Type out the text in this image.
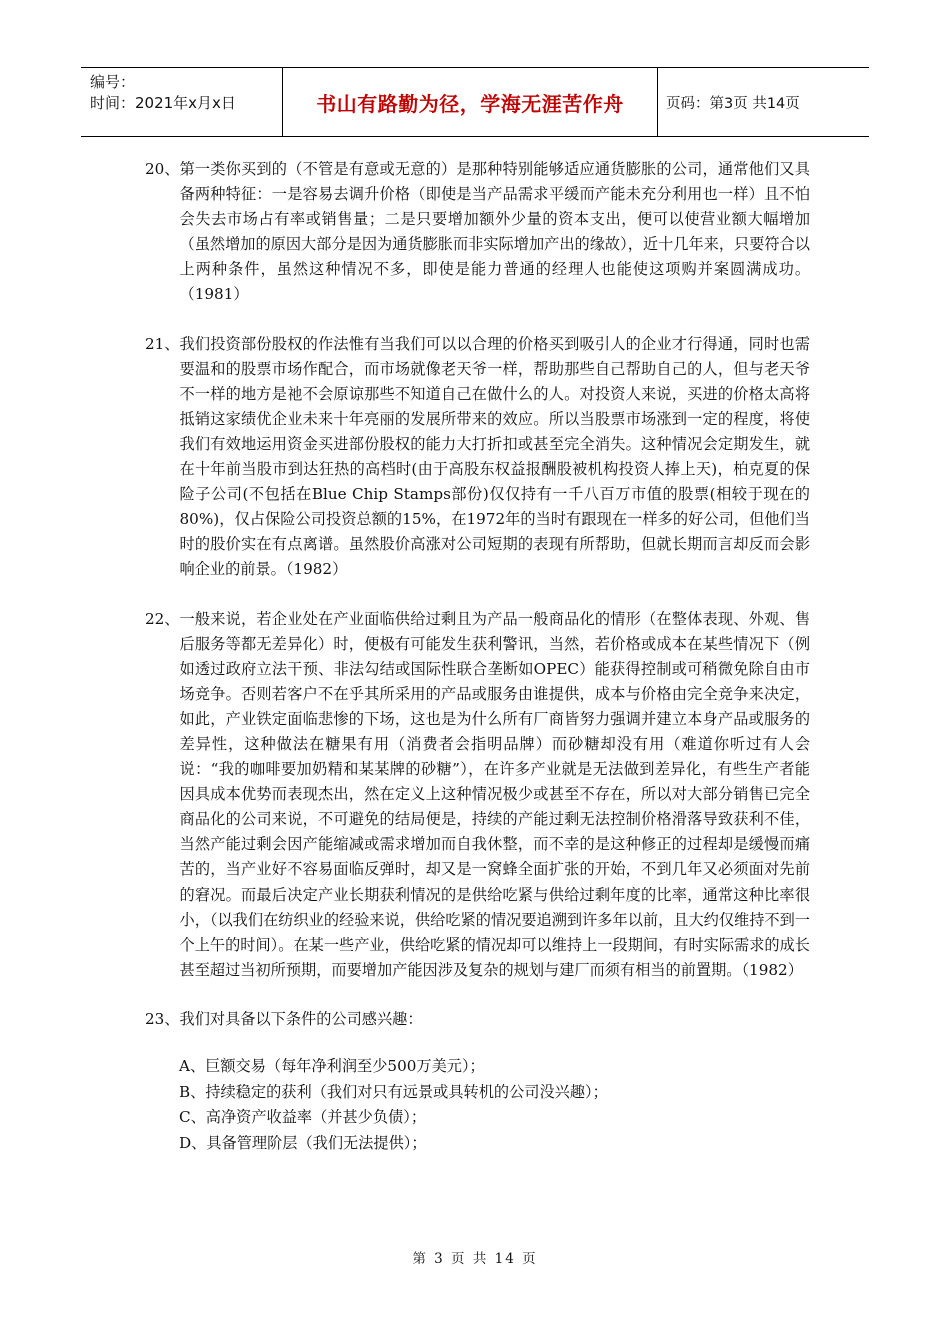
编号：
时间：2021年x月x日	书山有路勤为径，学海无涯苦作舟	页码：第3页 共14页
20、 第一类你买到的（不管是有意或无意的）是那种特别能够适应通货膨胀的公司，通常他们又具备两种特征：一是容易去调升价格（即使是当产品需求平缓而产能未充分利用也一样）且不怕会失去市场占有率或销售量；二是只要增加额外少量的资本支出，便可以使营业额大幅增加（虽然增加的原因大部分是因为通货膨胀而非实际增加产出的缘故），近十几年来，只要符合以上两种条件，虽然这种情况不多，即使是能力普通的经理人也能使这项购并案圆满成功。（1981）
21、 我们投资部份股权的作法惟有当我们可以以合理的价格买到吸引人的企业才行得通，同时也需要温和的股票市场作配合，而市场就像老天爷一样，帮助那些自己帮助自己的人，但与老天爷不一样的地方是祂不会原谅那些不知道自己在做什么的人。对投资人来说，买进的价格太高将抵销这家绩优企业未来十年亮丽的发展所带来的效应。所以当股票市场涨到一定的程度，将使我们有效地运用资金买进部份股权的能力大打折扣或甚至完全消失。这种情况会定期发生，就在十年前当股市到达狂热的高档时(由于高股东权益报酬股被机构投资人捧上天)，柏克夏的保险子公司(不包括在Blue Chip Stamps部份)仅仅持有一千八百万市值的股票(相较于现在的80%)，仅占保险公司投资总额的15%，在1972年的当时有跟现在一样多的好公司，但他们当时的股价实在有点离谱。虽然股价高涨对公司短期的表现有所帮助，但就长期而言却反而会影响企业的前景。（1982）
22、 一般来说，若企业处在产业面临供给过剩且为产品一般商品化的情形（在整体表现、外观、售后服务等都无差异化）时，便极有可能发生获利警讯，当然，若价格或成本在某些情况下（例如透过政府立法干预、非法勾结或国际性联合垄断如OPEC）能获得控制或可稍微免除自由市场竞争。否则若客户不在乎其所采用的产品或服务由谁提供，成本与价格由完全竞争来决定，如此，产业铁定面临悲惨的下场，这也是为什么所有厂商皆努力强调并建立本身产品或服务的差异性，这种做法在糖果有用（消费者会指明品牌）而砂糖却没有用（难道你听过有人会说：“我的咖啡要加奶精和某某牌的砂糖”），在许多产业就是无法做到差异化，有些生产者能因具成本优势而表现杰出，然在定义上这种情况极少或甚至不存在，所以对大部分销售已完全商品化的公司来说，不可避免的结局便是，持续的产能过剩无法控制价格滑落导致获利不佳，当然产能过剩会因产能缩减或需求增加而自我休整，而不幸的是这种修正的过程却是缓慢而痛苦的，当产业好不容易面临反弹时，却又是一窝蜂全面扩张的开始，不到几年又必须面对先前的窘况。而最后决定产业长期获利情况的是供给吃紧与供给过剩年度的比率，通常这种比率很小，（以我们在纺织业的经验来说，供给吃紧的情况要追溯到许多年以前，且大约仅维持不到一个上午的时间）。在某一些产业，供给吃紧的情况却可以维持上一段期间，有时实际需求的成长甚至超过当初所预期，而要增加产能因涉及复杂的规划与建厂而须有相当的前置期。（1982）
23、我们对具备以下条件的公司感兴趣：
A、巨额交易（每年净利润至少500万美元）；
B、持续稳定的获利（我们对只有远景或具转机的公司没兴趣）；
C、高净资产收益率（并甚少负债）；
D、具备管理阶层（我们无法提供）；
第 3 页 共 14 页
